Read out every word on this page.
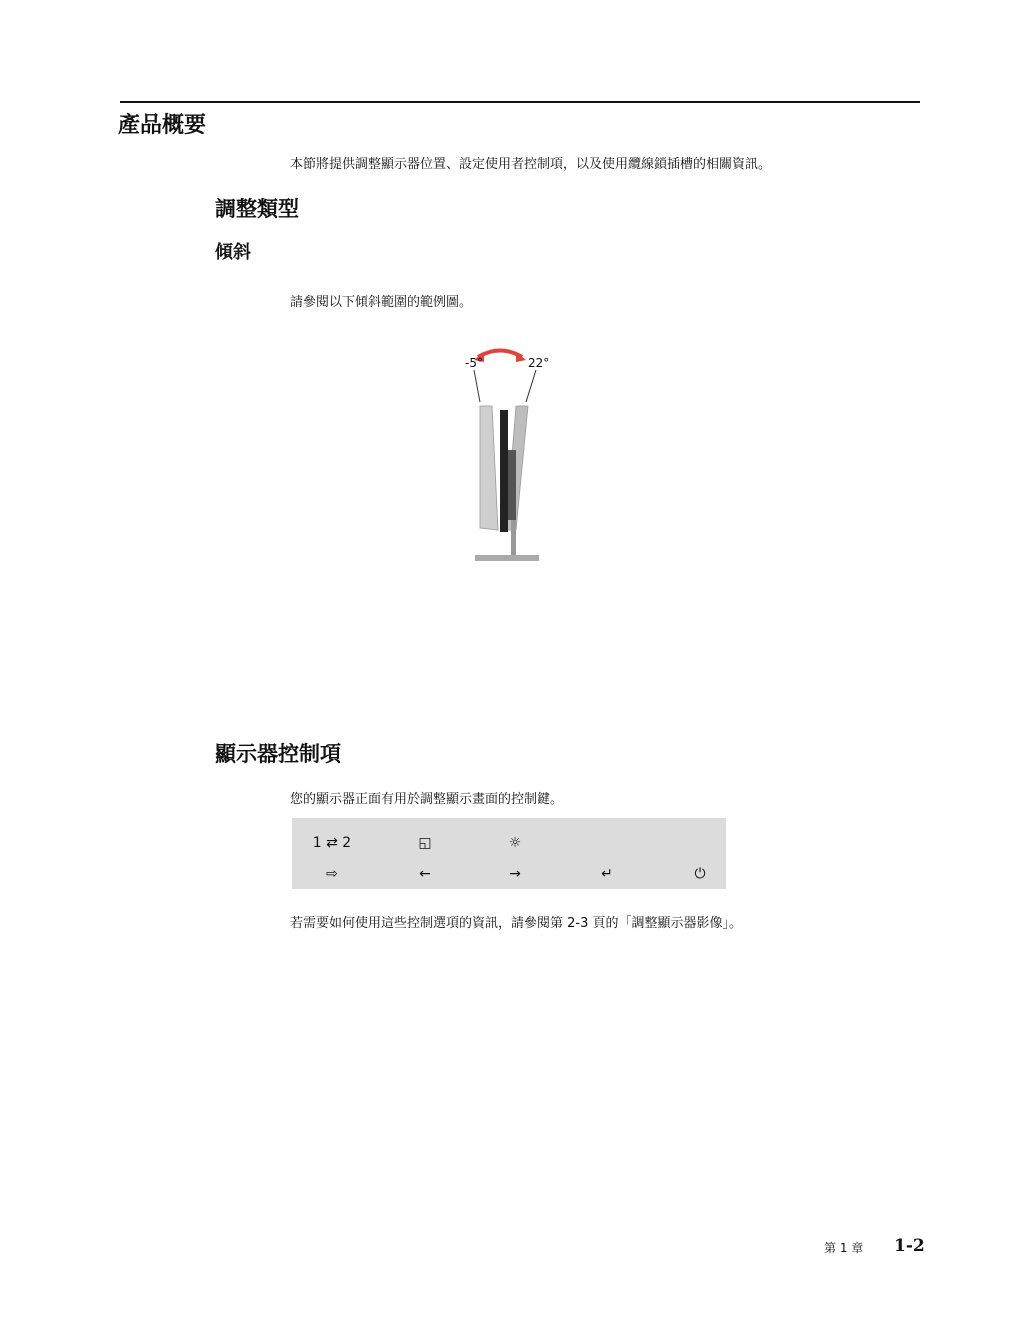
產品概要
本節將提供調整顯示器位置、設定使用者控制項，以及使用纜線鎖插槽的相關資訊。
調整類型
傾斜
請參閱以下傾斜範圍的範例圖。
-5°	22°
顯示器控制項
您的顯示器正面有用於調整顯示畫面的控制鍵。
1 ⇄ 2	◱	☼
⇨	←	→	↵	⏻
若需要如何使用這些控制選項的資訊，請參閱第 2-3 頁的「調整顯示器影像」。
第 1 章 1-2
